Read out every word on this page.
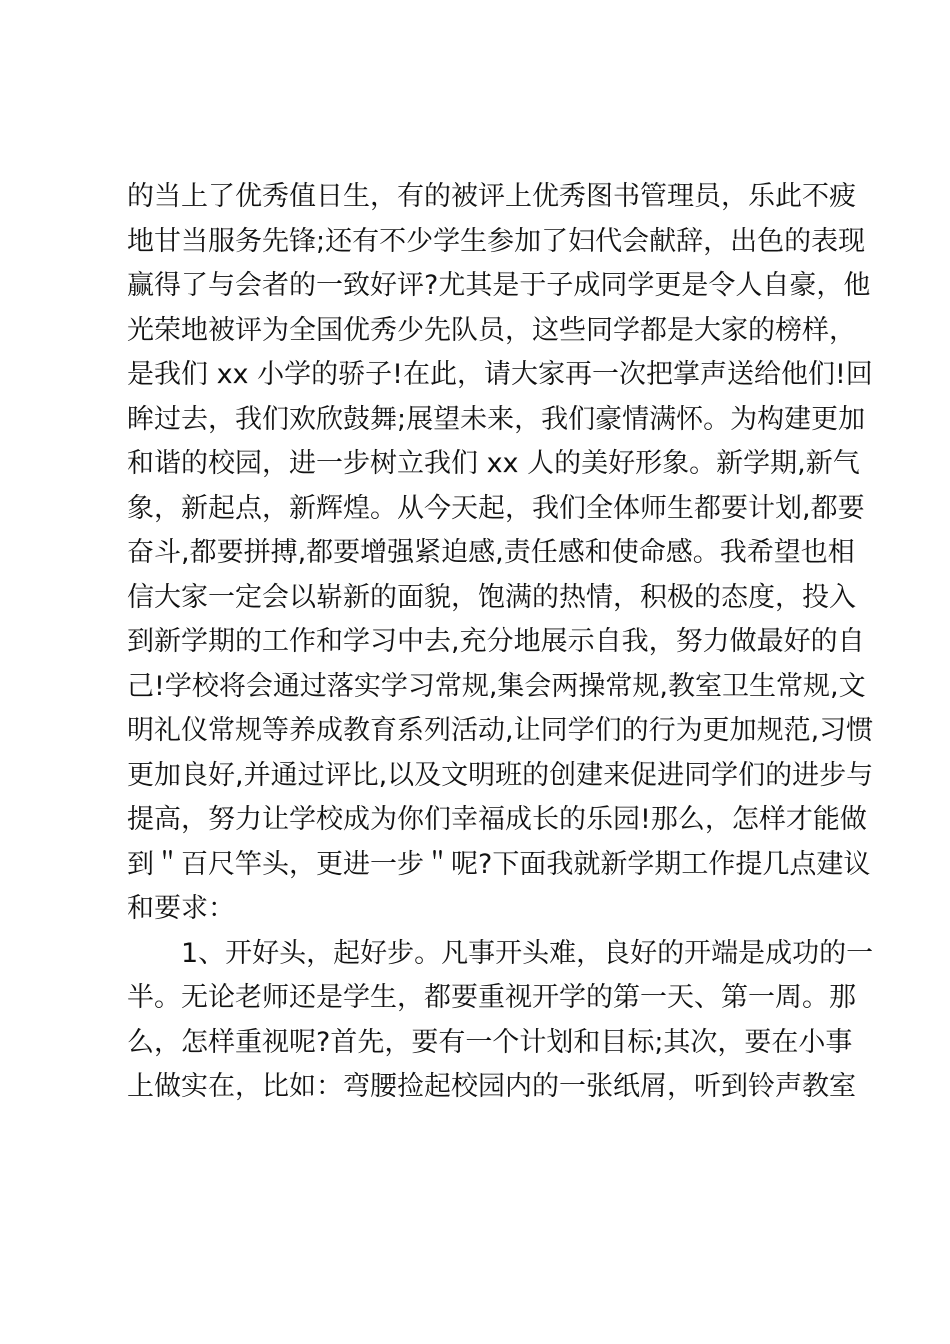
的当上了优秀值日生，有的被评上优秀图书管理员，乐此不疲
地甘当服务先锋;还有不少学生参加了妇代会献辞，出色的表现
赢得了与会者的一致好评?尤其是于子成同学更是令人自豪，他
光荣地被评为全国优秀少先队员，这些同学都是大家的榜样，
是我们 xx 小学的骄子!在此，请大家再一次把掌声送给他们!回
眸过去，我们欢欣鼓舞;展望未来，我们豪情满怀。为构建更加
和谐的校园，进一步树立我们 xx 人的美好形象。新学期,新气
象，新起点，新辉煌。从今天起，我们全体师生都要计划,都要
奋斗,都要拼搏,都要增强紧迫感,责任感和使命感。我希望也相
信大家一定会以崭新的面貌，饱满的热情，积极的态度，投入
到新学期的工作和学习中去,充分地展示自我，努力做最好的自
己!学校将会通过落实学习常规,集会两操常规,教室卫生常规,文
明礼仪常规等养成教育系列活动,让同学们的行为更加规范,习惯
更加良好,并通过评比,以及文明班的创建来促进同学们的进步与
提高，努力让学校成为你们幸福成长的乐园!那么，怎样才能做
到＂百尺竿头，更进一步＂呢?下面我就新学期工作提几点建议
和要求：
1、开好头，起好步。凡事开头难，良好的开端是成功的一
半。无论老师还是学生，都要重视开学的第一天、第一周。那
么，怎样重视呢?首先，要有一个计划和目标;其次，要在小事
上做实在，比如：弯腰捡起校园内的一张纸屑，听到铃声教室
